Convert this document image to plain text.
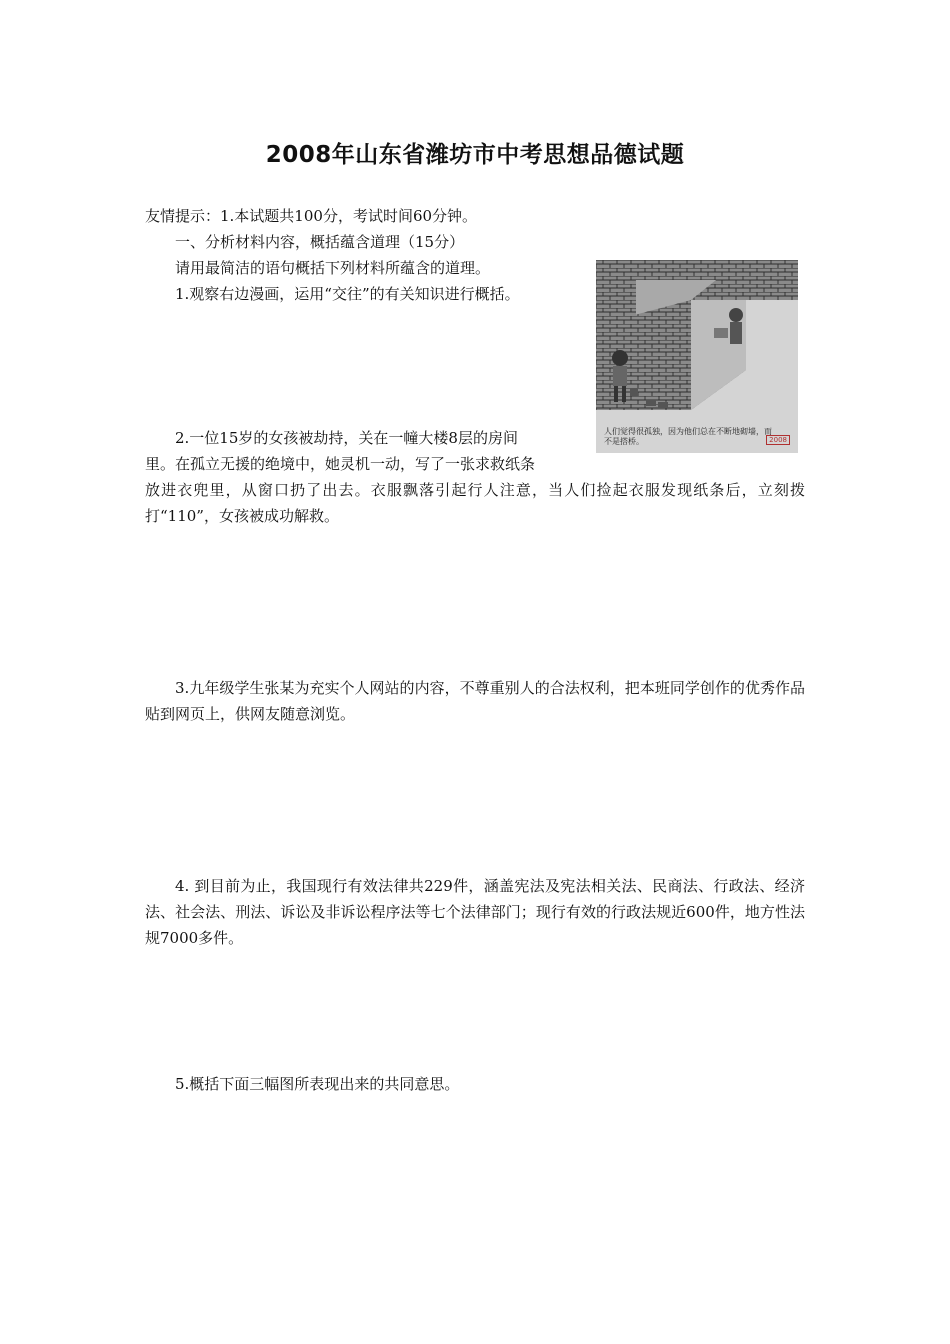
2008年山东省潍坊市中考思想品德试题
友情提示：1.本试题共100分，考试时间60分钟。
一、分析材料内容，概括蕴含道理（15分）
请用最简洁的语句概括下列材料所蕴含的道理。
1.观察右边漫画，运用“交往”的有关知识进行概括。
人们觉得很孤独，因为他们总在不断地砌墙，而不是搭桥。	2008
2.一位15岁的女孩被劫持，关在一幢大楼8层的房间
里。在孤立无援的绝境中，她灵机一动，写了一张求救纸条
放进衣兜里，从窗口扔了出去。衣服飘落引起行人注意，当人们捡起衣服发现纸条后，立刻拨打“110”，女孩被成功解救。
3.九年级学生张某为充实个人网站的内容，不尊重别人的合法权利，把本班同学创作的优秀作品贴到网页上，供网友随意浏览。
4. 到目前为止，我国现行有效法律共229件，涵盖宪法及宪法相关法、民商法、行政法、经济法、社会法、刑法、诉讼及非诉讼程序法等七个法律部门；现行有效的行政法规近600件，地方性法规7000多件。
5.概括下面三幅图所表现出来的共同意思。
